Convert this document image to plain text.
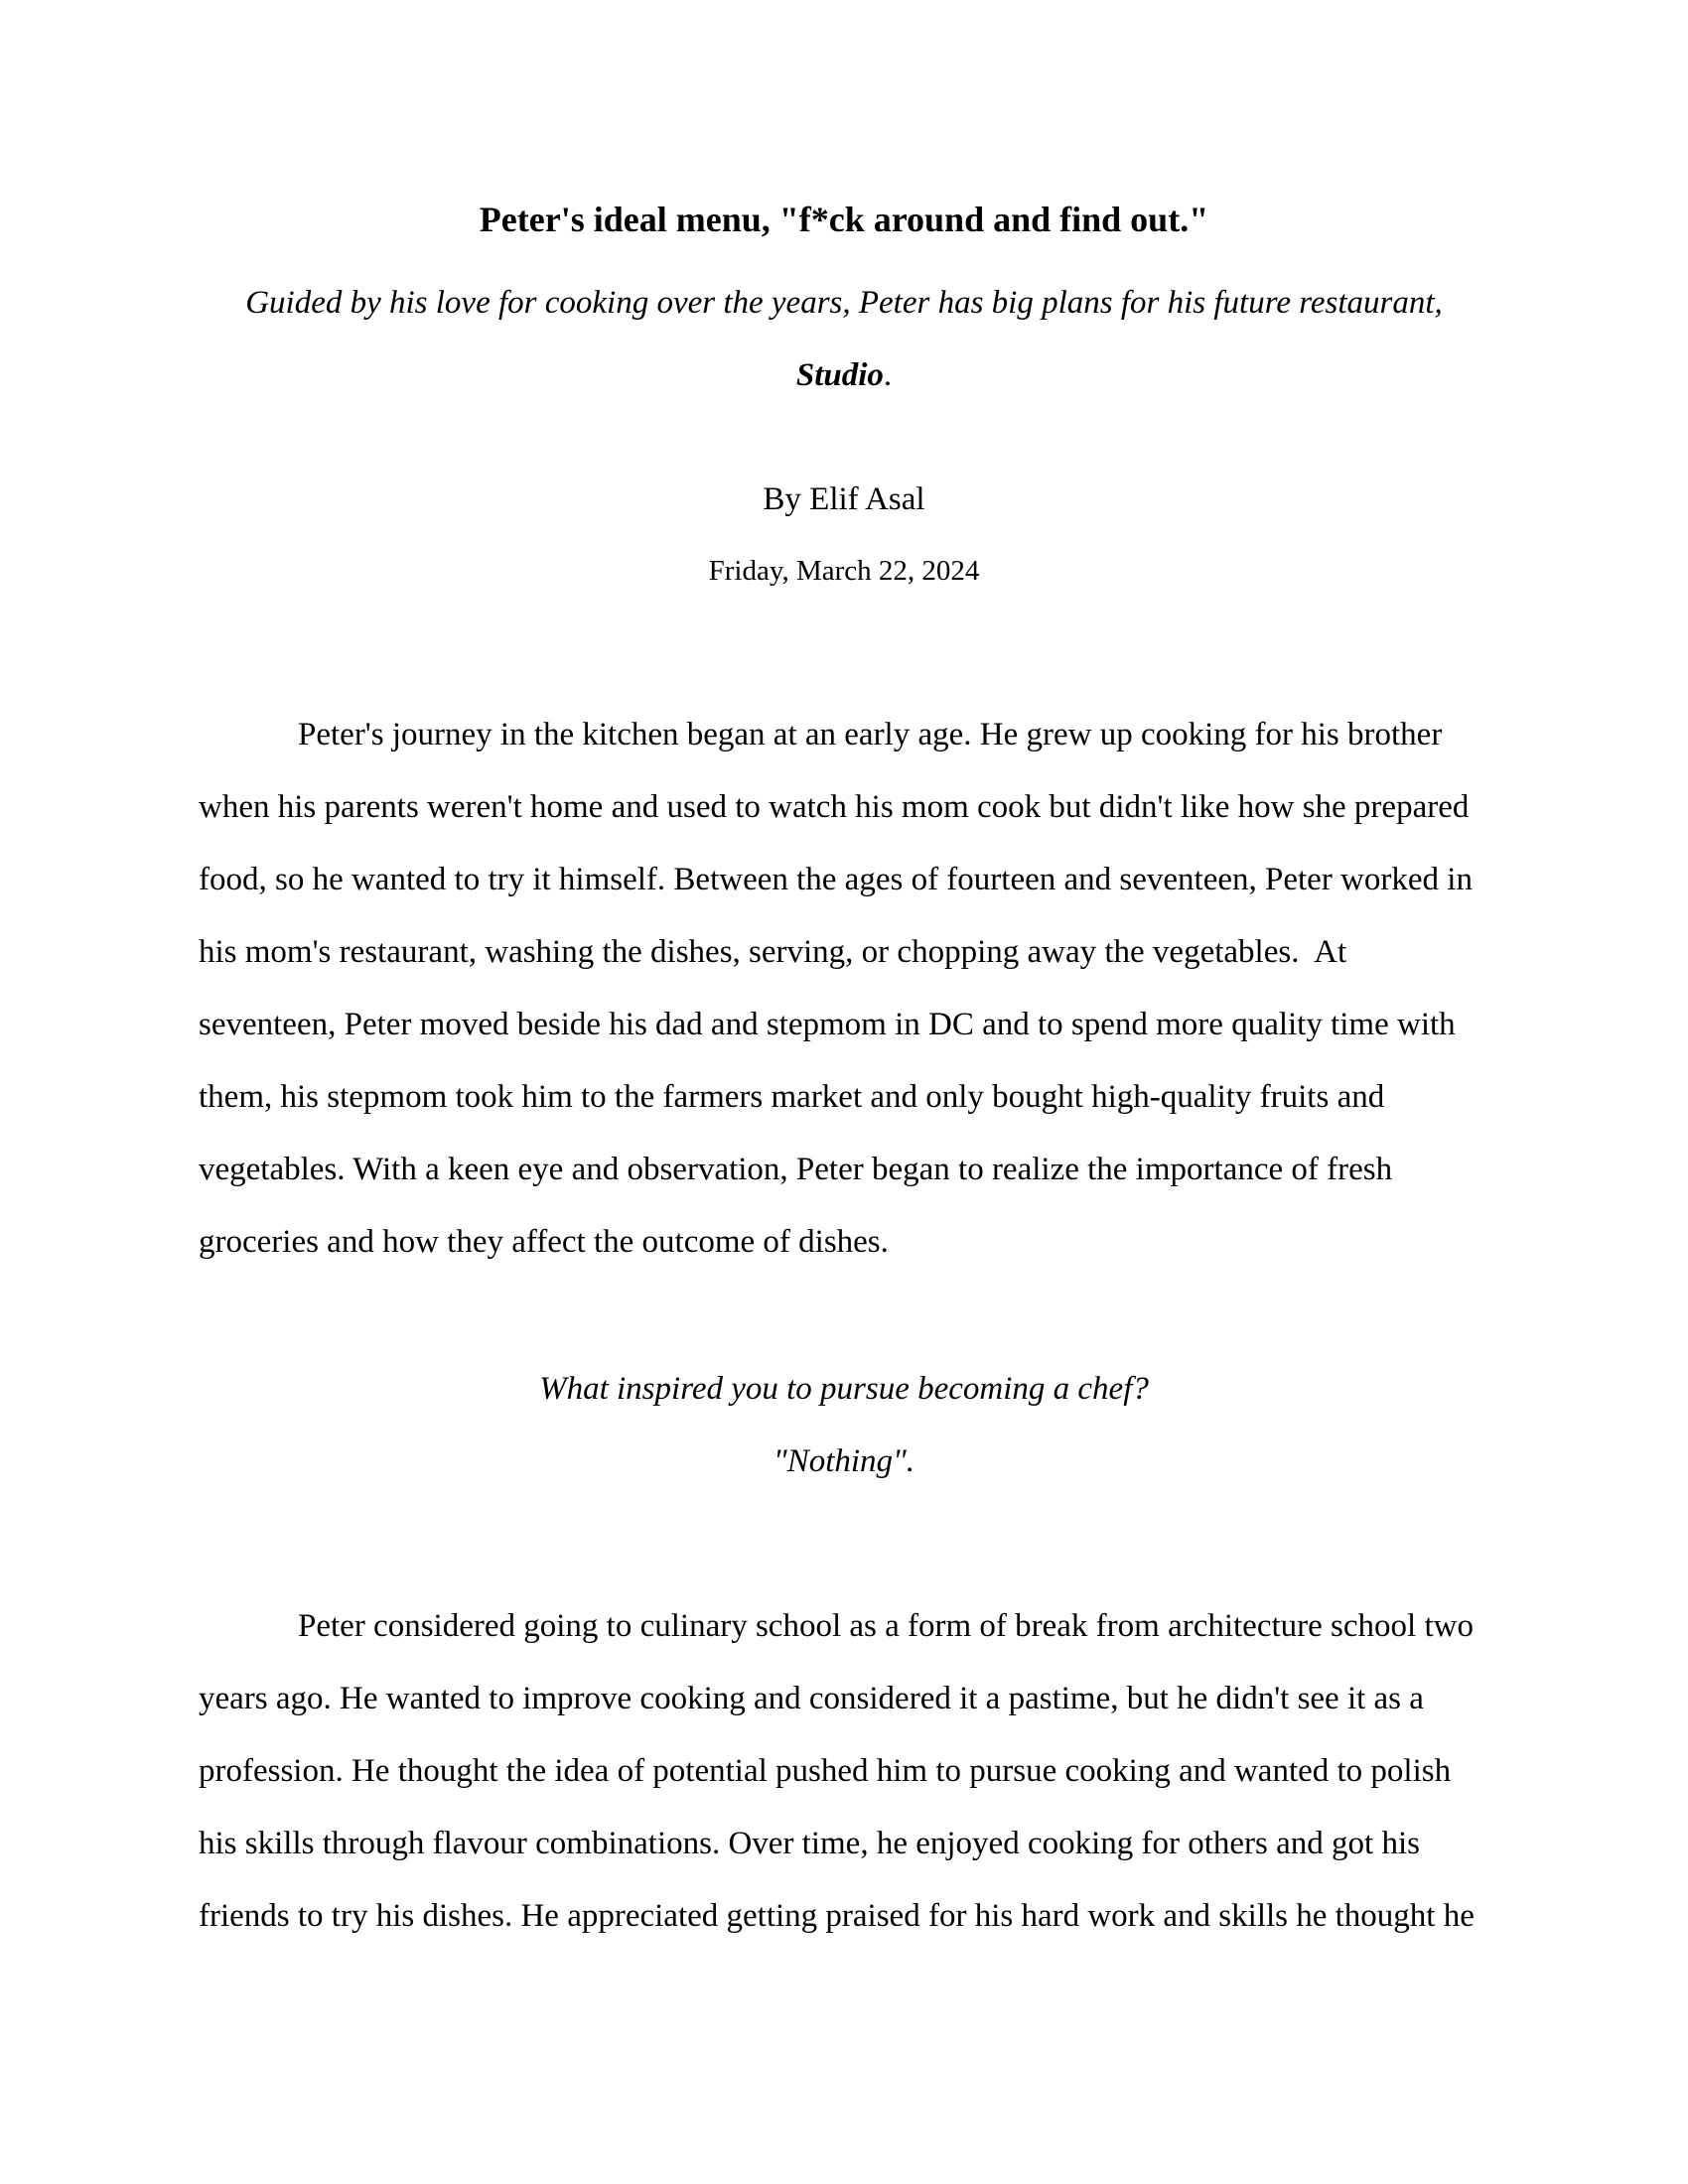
Peter's ideal menu, "f*ck around and find out."
Guided by his love for cooking over the years, Peter has big plans for his future restaurant,
Studio.
By Elif Asal
Friday, March 22, 2024
Peter's journey in the kitchen began at an early age. He grew up cooking for his brother
when his parents weren't home and used to watch his mom cook but didn't like how she prepared
food, so he wanted to try it himself. Between the ages of fourteen and seventeen, Peter worked in
his mom's restaurant, washing the dishes, serving, or chopping away the vegetables.  At
seventeen, Peter moved beside his dad and stepmom in DC and to spend more quality time with
them, his stepmom took him to the farmers market and only bought high-quality fruits and
vegetables. With a keen eye and observation, Peter began to realize the importance of fresh
groceries and how they affect the outcome of dishes.
What inspired you to pursue becoming a chef?
"Nothing".
Peter considered going to culinary school as a form of break from architecture school two
years ago. He wanted to improve cooking and considered it a pastime, but he didn't see it as a
profession. He thought the idea of potential pushed him to pursue cooking and wanted to polish
his skills through flavour combinations. Over time, he enjoyed cooking for others and got his
friends to try his dishes. He appreciated getting praised for his hard work and skills he thought he
